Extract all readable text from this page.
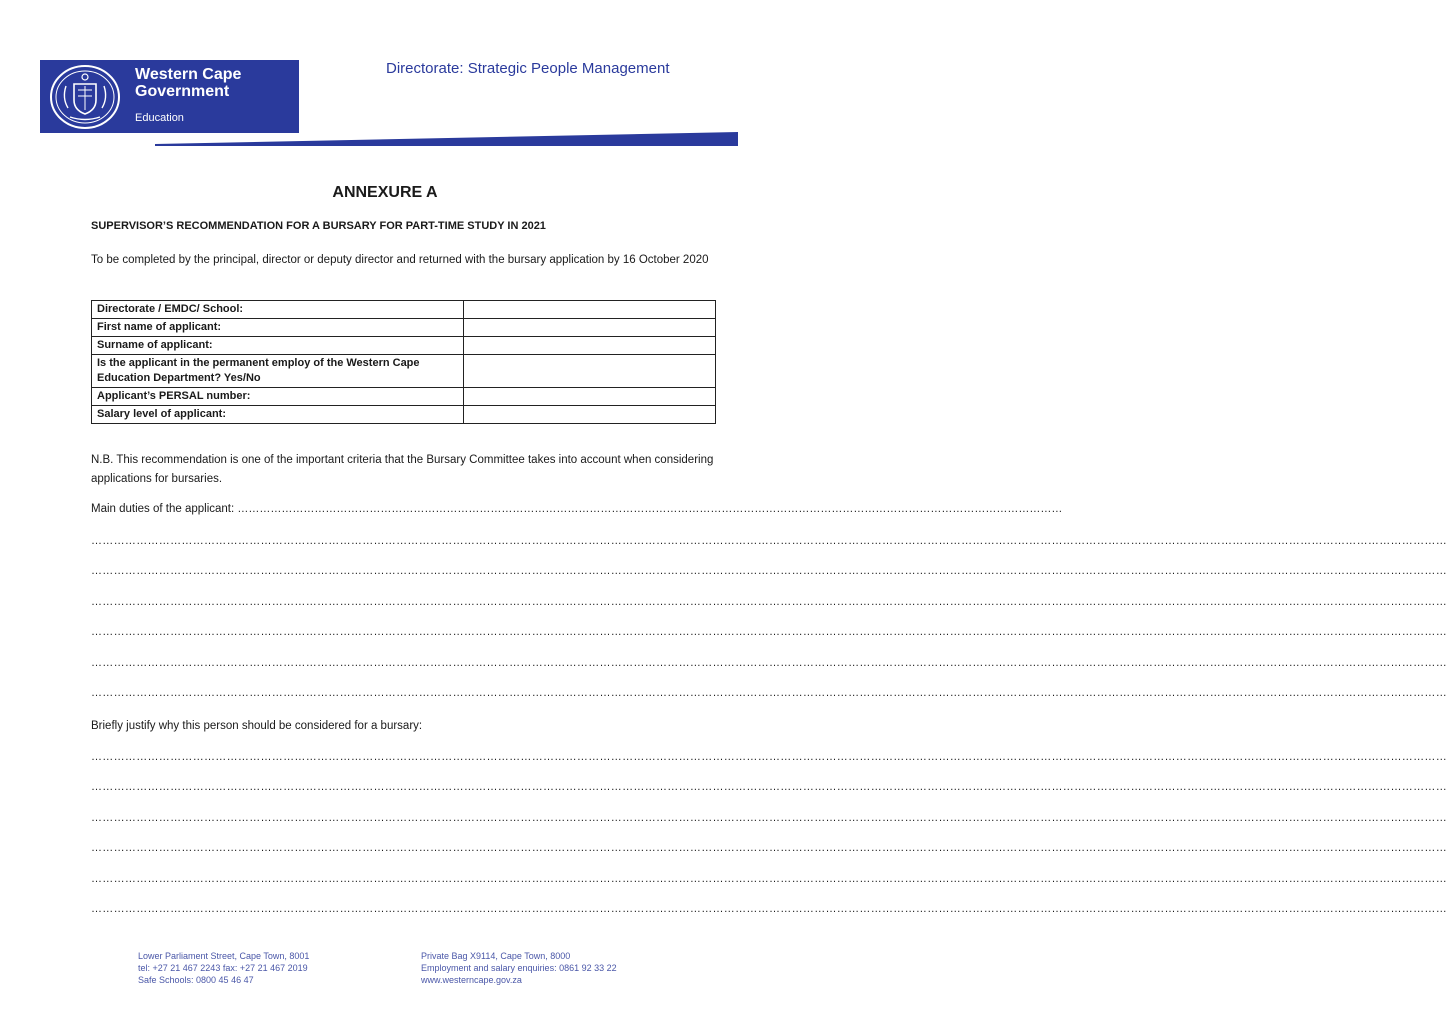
Western Cape
Government
Education
Directorate: Strategic People Management
ANNEXURE A
SUPERVISOR’S RECOMMENDATION FOR A BURSARY FOR PART-TIME STUDY IN 2021
To be completed by the principal, director or deputy director and returned with the bursary application by 16 October 2020
Directorate / EMDC/ School:	
First name of applicant:	
Surname of applicant:	
Is the applicant in the permanent employ of the Western Cape Education Department? Yes/No	
Applicant’s PERSAL number:	
Salary level of applicant:	
N.B. This recommendation is one of the important criteria that the Bursary Committee takes into account when considering applications for bursaries.
Main duties of the applicant: ………………………………………………………………………………………………………………………………………………………………………………………………………
………………………………………………………………………………………………………………………………………………………………………………………………………………………………………………………………………………………………………………………………
………………………………………………………………………………………………………………………………………………………………………………………………………………………………………………………………………………………………………………………………
………………………………………………………………………………………………………………………………………………………………………………………………………………………………………………………………………………………………………………………………
………………………………………………………………………………………………………………………………………………………………………………………………………………………………………………………………………………………………………………………………
………………………………………………………………………………………………………………………………………………………………………………………………………………………………………………………………………………………………………………………………
………………………………………………………………………………………………………………………………………………………………………………………………………………………………………………………………………………………………………………………………
Briefly justify why this person should be considered for a bursary:
………………………………………………………………………………………………………………………………………………………………………………………………………………………………………………………………………………………………………………………………
………………………………………………………………………………………………………………………………………………………………………………………………………………………………………………………………………………………………………………………………
………………………………………………………………………………………………………………………………………………………………………………………………………………………………………………………………………………………………………………………………
………………………………………………………………………………………………………………………………………………………………………………………………………………………………………………………………………………………………………………………………
………………………………………………………………………………………………………………………………………………………………………………………………………………………………………………………………………………………………………………………………
………………………………………………………………………………………………………………………………………………………………………………………………………………………………………………………………………………………………………………………………
Lower Parliament Street, Cape Town, 8001
tel: +27 21 467 2243 fax: +27 21 467 2019
Safe Schools: 0800 45 46 47
Private Bag X9114, Cape Town, 8000
Employment and salary enquiries: 0861 92 33 22
www.westerncape.gov.za
